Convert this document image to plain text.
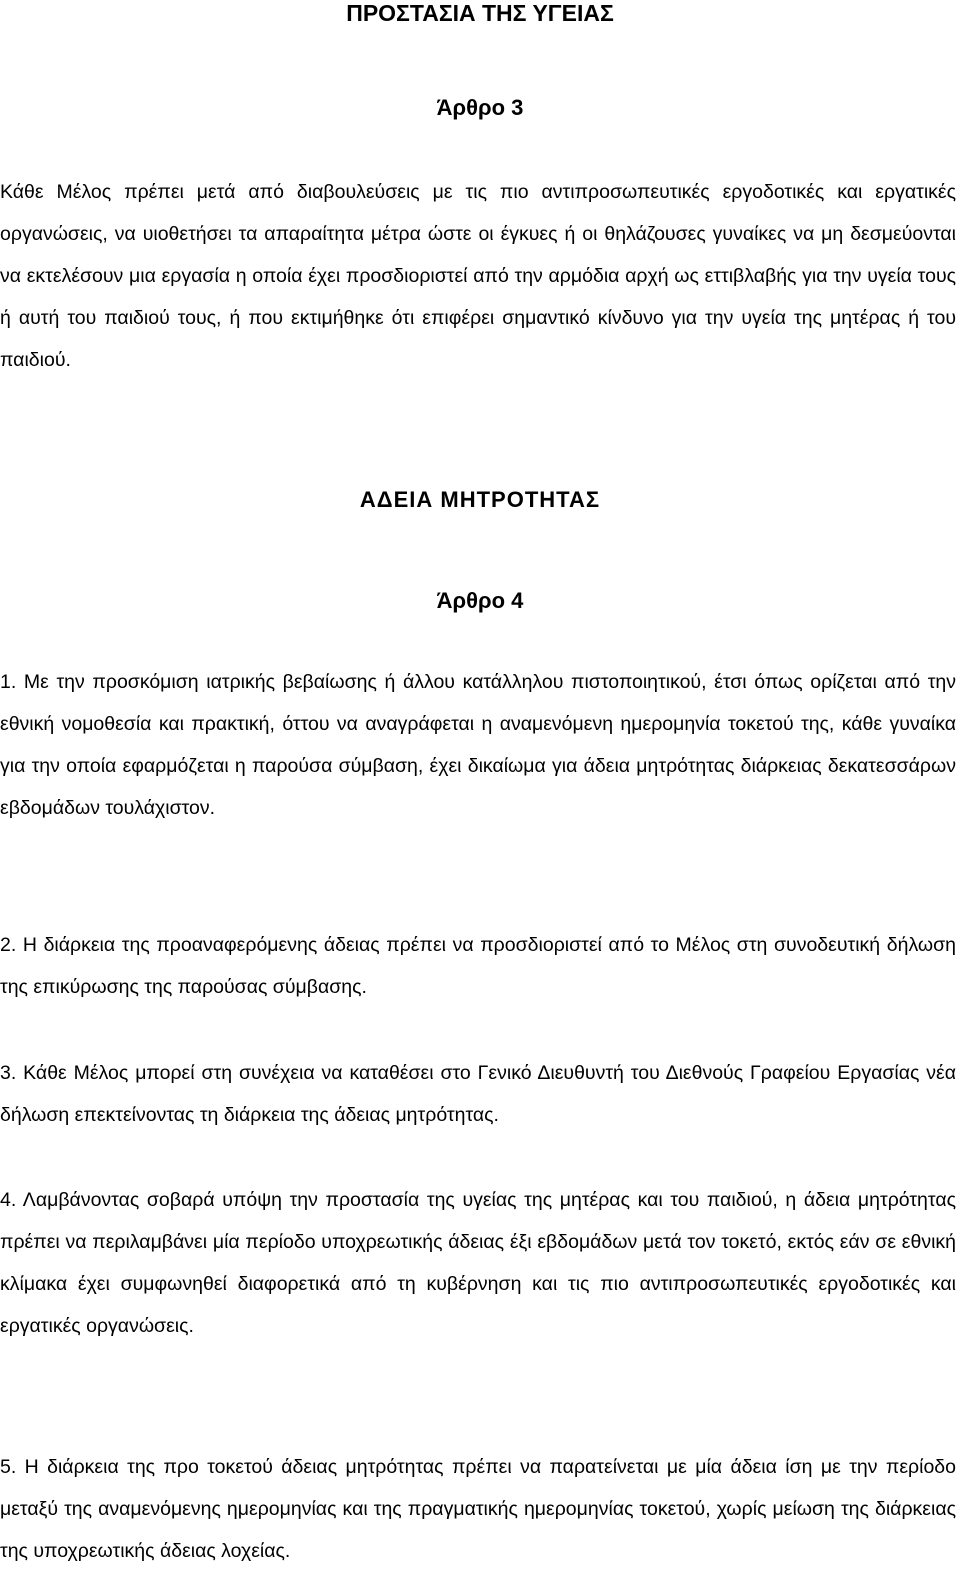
ΠΡΟΣΤΑΣΙΑ ΤΗΣ ΥΓΕΙΑΣ
Άρθρο 3

Κάθε Μέλος πρέπει μετά από διαβουλεύσεις με τις πιο αντιπροσωπευτικές εργοδοτικές και εργατικές οργανώσεις, να υιοθετήσει τα απαραίτητα μέτρα ώστε οι έγκυες ή οι θηλάζουσες γυναίκες να μη δεσμεύονται να εκτελέσουν μια εργασία η οποία έχει προσδιοριστεί από την αρμόδια αρχή ως εττιβλαβής για την υγεία τους ή αυτή του παιδιού τους, ή που εκτιμήθηκε ότι επιφέρει σημαντικό κίνδυνο για την υγεία της μητέρας ή του παιδιού.

ΑΔΕΙΑ ΜΗΤΡΟΤΗΤΑΣ
Άρθρο 4

1. Με την προσκόμιση ιατρικής βεβαίωσης ή άλλου κατάλληλου πιστοποιητικού, έτσι όπως ορίζεται από την εθνική νομοθεσία και πρακτική, όττου να αναγράφεται η αναμενόμενη ημερομηνία τοκετού της, κάθε γυναίκα για την οποία εφαρμόζεται η παρούσα σύμβαση, έχει δικαίωμα για άδεια μητρότητας διάρκειας δεκατεσσάρων εβδομάδων τουλάχιστον.

2. Η διάρκεια της προαναφερόμενης άδειας πρέπει να προσδιοριστεί από το Μέλος στη συνοδευτική δήλωση της επικύρωσης της παρούσας σύμβασης.

3. Κάθε Μέλος μπορεί στη συνέχεια να καταθέσει στο Γενικό Διευθυντή του Διεθνούς Γραφείου Εργασίας νέα δήλωση επεκτείνοντας τη διάρκεια της άδειας μητρότητας.

4. Λαμβάνοντας σοβαρά υπόψη την προστασία της υγείας της μητέρας και του παιδιού, η άδεια μητρότητας πρέπει να περιλαμβάνει μία περίοδο υποχρεωτικής άδειας έξι εβδομάδων μετά τον τοκετό, εκτός εάν σε εθνική κλίμακα έχει συμφωνηθεί διαφορετικά από τη κυβέρνηση και τις πιο αντιπροσωπευτικές εργοδοτικές και εργατικές οργανώσεις.

5. Η διάρκεια της προ τοκετού άδειας μητρότητας πρέπει να παρατείνεται με μία άδεια ίση με την περίοδο μεταξύ της αναμενόμενης ημερομηνίας και της πραγματικής ημερομηνίας τοκετού, χωρίς μείωση της διάρκειας της υποχρεωτικής άδειας λοχείας.
